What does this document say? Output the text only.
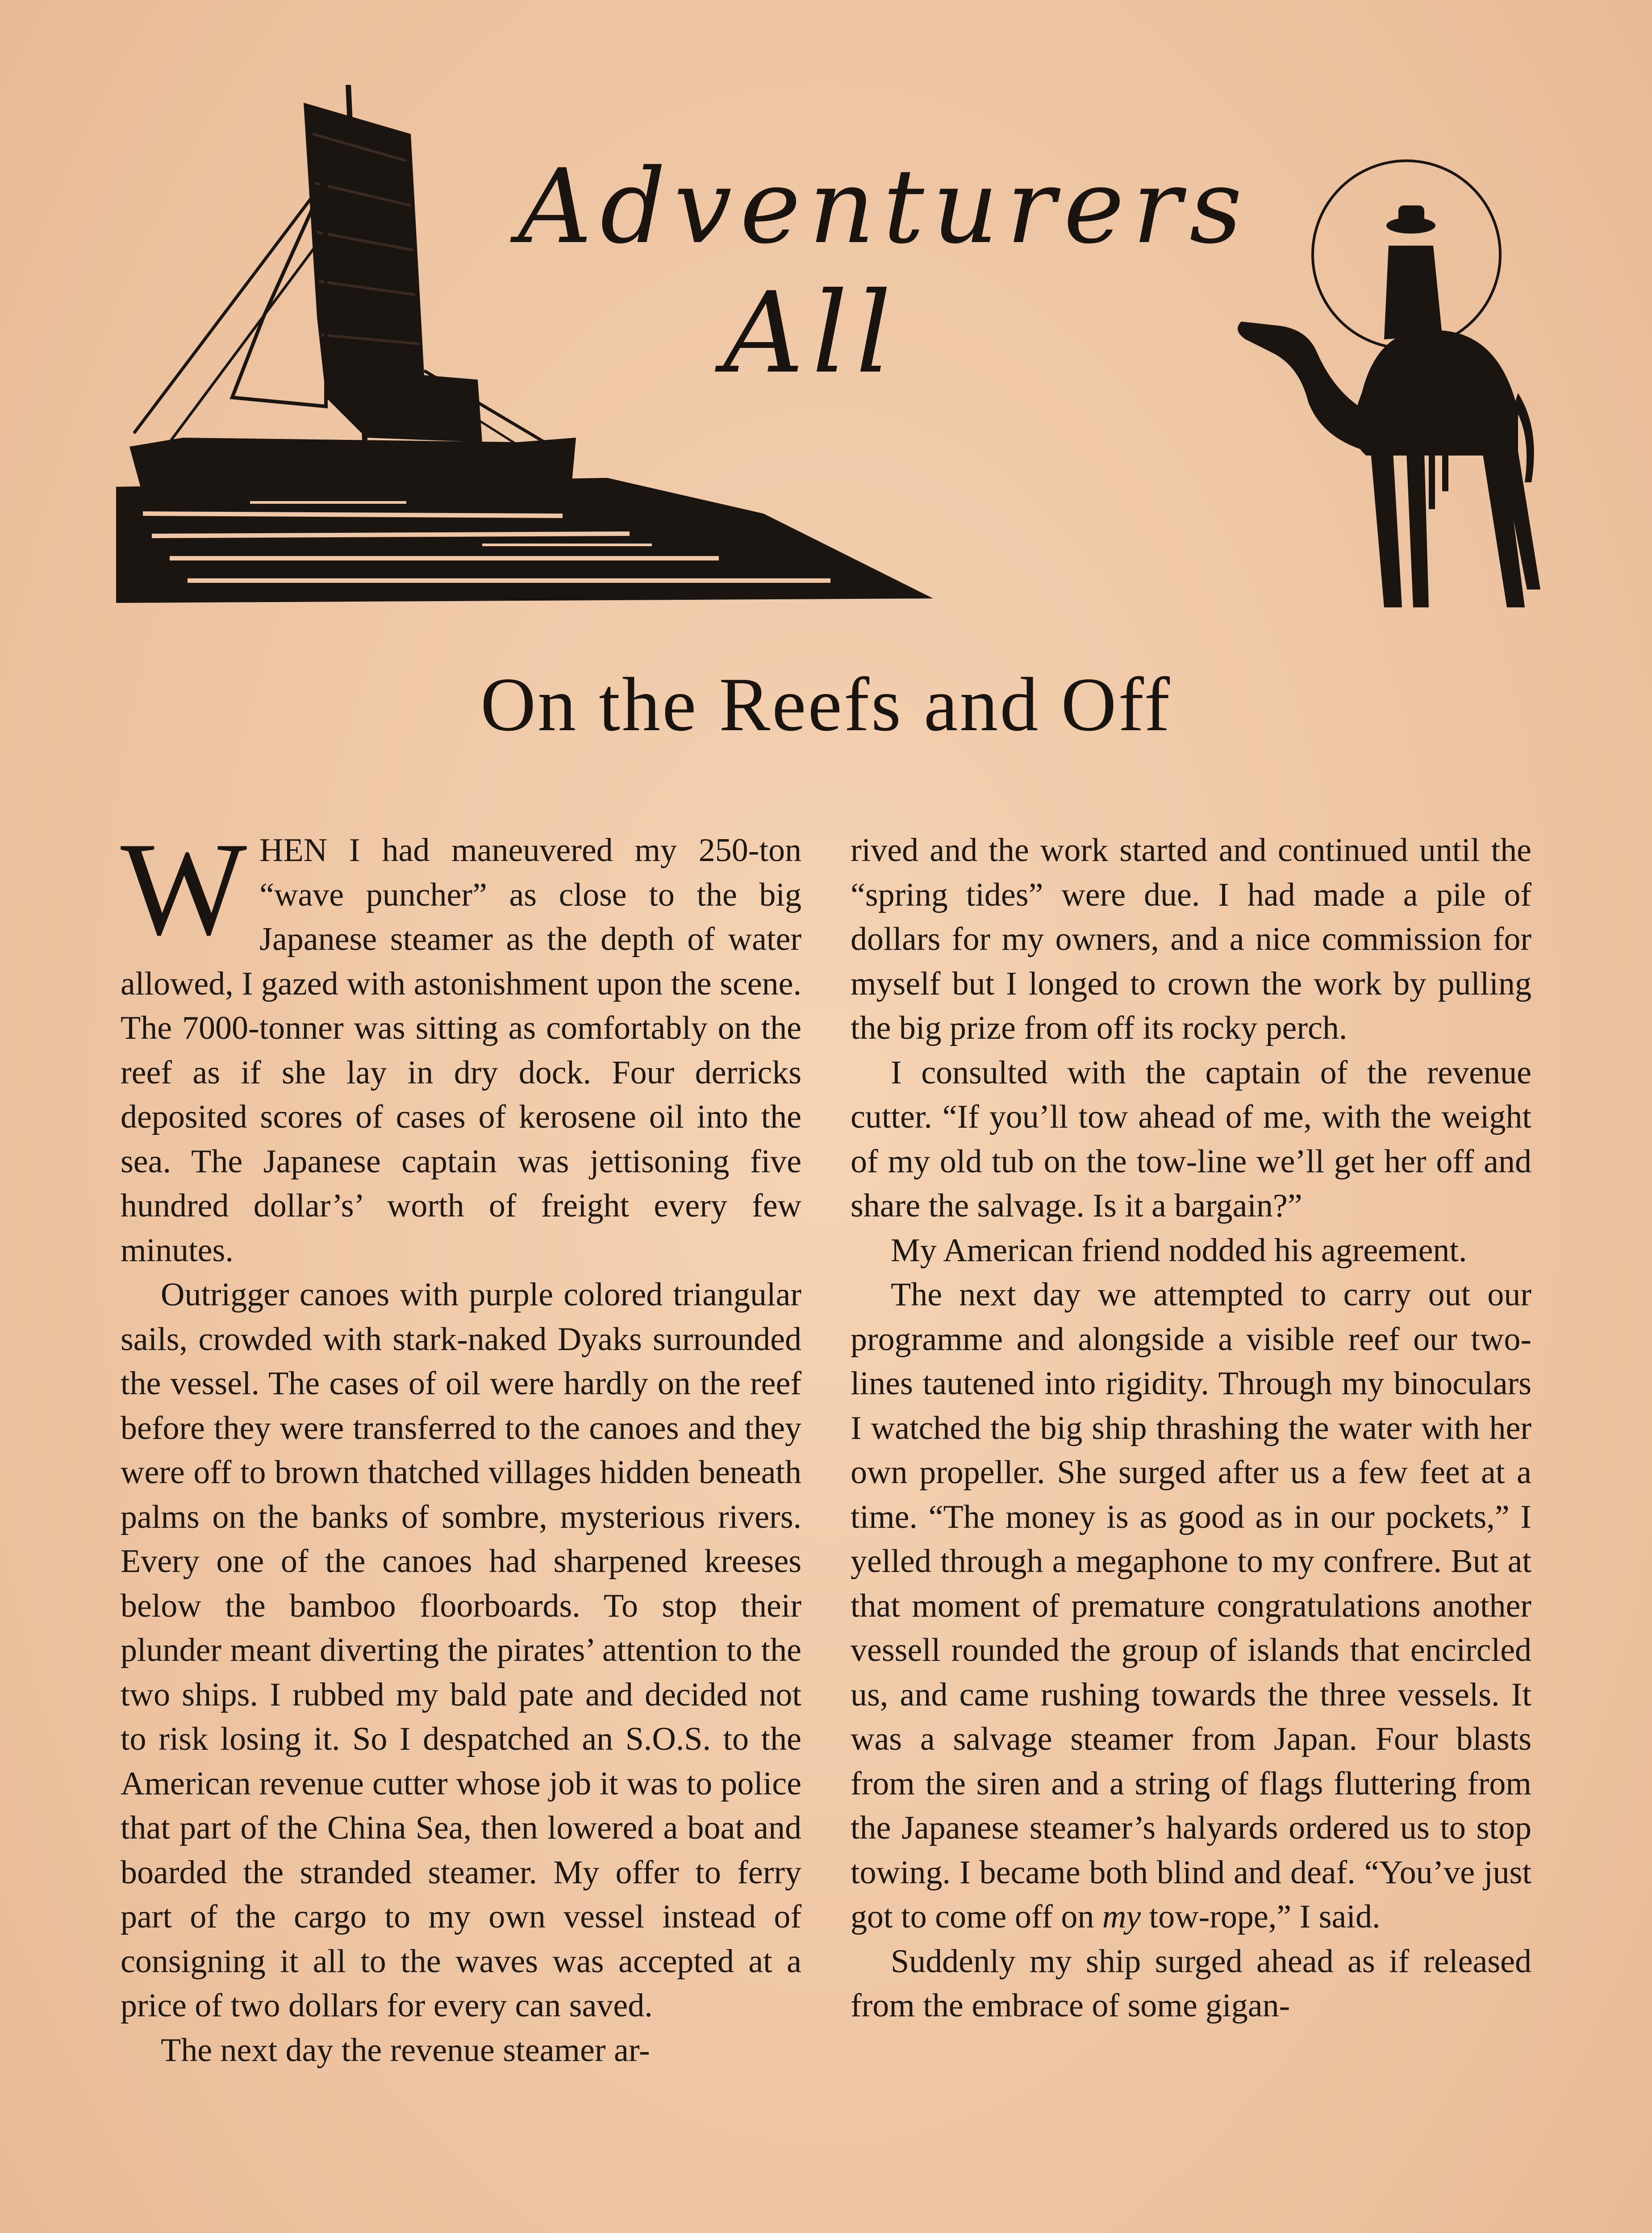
Adventurers
All
On the Reefs and Off
W HEN I had maneuvered my 250-ton “wave puncher” as close to the big Japanese steamer as the depth of water allowed, I gazed with astonishment upon the scene. The 7000-tonner was sitting as comfortably on the reef as if she lay in dry dock. Four derricks deposited scores of cases of kerosene oil into the sea. The Japanese captain was jettisoning five hundred dollar’s’ worth of freight every few minutes.

Outrigger canoes with purple colored triangular sails, crowded with stark-naked Dyaks surrounded the vessel. The cases of oil were hardly on the reef before they were transferred to the canoes and they were off to brown thatched villages hidden beneath palms on the banks of sombre, mysterious rivers. Every one of the canoes had sharpened kreeses below the bamboo floorboards. To stop their plunder meant diverting the pirates’ attention to the two ships. I rubbed my bald pate and decided not to risk losing it. So I despatched an S.O.S. to the American revenue cutter whose job it was to police that part of the China Sea, then lowered a boat and boarded the stranded steamer. My offer to ferry part of the cargo to my own vessel instead of consigning it all to the waves was accepted at a price of two dollars for every can saved.

The next day the revenue steamer ar-

rived and the work started and continued until the “spring tides” were due. I had made a pile of dollars for my owners, and a nice commission for myself but I longed to crown the work by pulling the big prize from off its rocky perch.

I consulted with the captain of the revenue cutter. “If you’ll tow ahead of me, with the weight of my old tub on the tow-line we’ll get her off and share the salvage. Is it a bargain?”

My American friend nodded his agreement.

The next day we attempted to carry out our programme and alongside a visible reef our two-lines tautened into rigidity. Through my binoculars I watched the big ship thrashing the water with her own propeller. She surged after us a few feet at a time. “The money is as good as in our pockets,” I yelled through a megaphone to my confrere. But at that moment of premature congratulations another vessell rounded the group of islands that encircled us, and came rushing towards the three vessels. It was a salvage steamer from Japan. Four blasts from the siren and a string of flags fluttering from the Japanese steamer’s halyards ordered us to stop towing. I became both blind and deaf. “You’ve just got to come off on my tow-rope,” I said.

Suddenly my ship surged ahead as if released from the embrace of some gigan-
